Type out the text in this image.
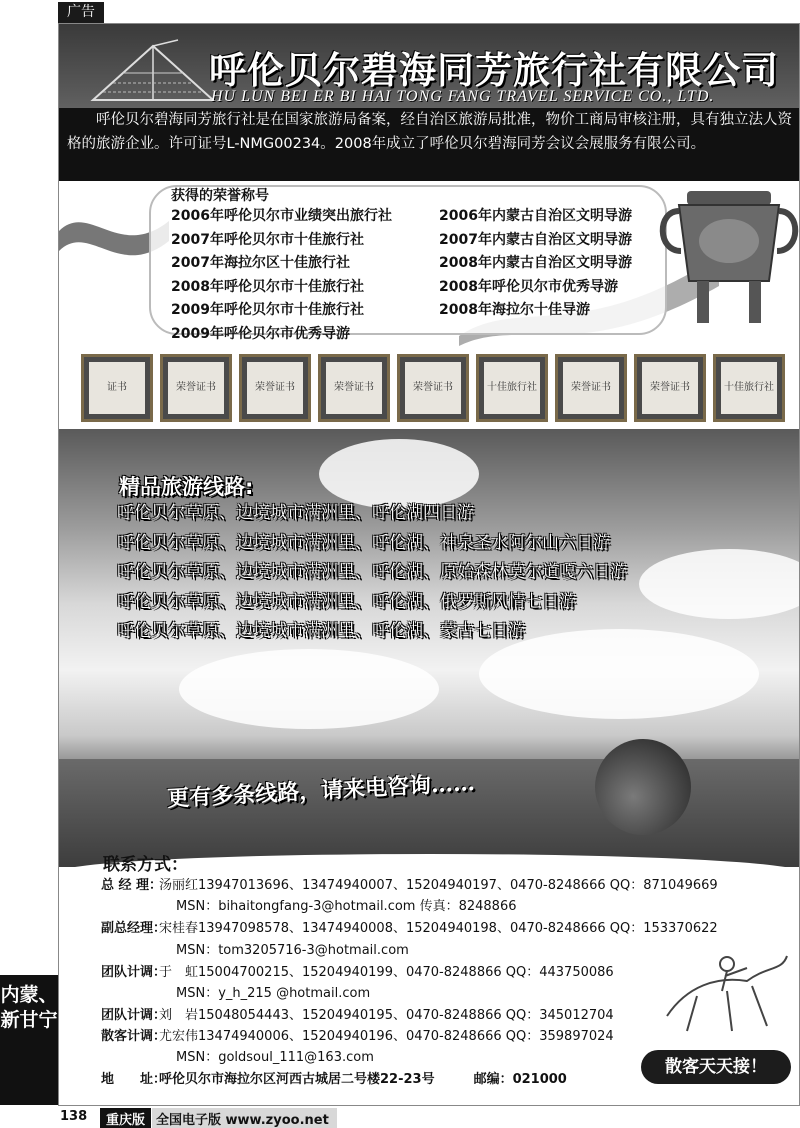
广告
呼伦贝尔碧海同芳旅行社有限公司
HU LUN BEI ER BI HAI TONG FANG TRAVEL SERVICE CO., LTD.

呼伦贝尔碧海同芳旅行社是在国家旅游局备案，经自治区旅游局批准，物价工商局审核注册，具有独立法人资格的旅游企业。许可证号L-NMG00234。2008年成立了呼伦贝尔碧海同芳会议会展服务有限公司。

获得的荣誉称号
2006年呼伦贝尔市业绩突出旅行社
2007年呼伦贝尔市十佳旅行社
2007年海拉尔区十佳旅行社
2008年呼伦贝尔市十佳旅行社
2009年呼伦贝尔市十佳旅行社
2009年呼伦贝尔市优秀导游
2006年内蒙古自治区文明导游
2007年内蒙古自治区文明导游
2008年内蒙古自治区文明导游
2008年呼伦贝尔市优秀导游
2008年海拉尔十佳导游
证书	荣誉证书	荣誉证书	荣誉证书	荣誉证书	十佳旅行社	荣誉证书	荣誉证书	十佳旅行社
精品旅游线路:
呼伦贝尔草原、边境城市满洲里、呼伦湖四日游
呼伦贝尔草原、边境城市满洲里、呼伦湖、神泉圣水阿尔山六日游
呼伦贝尔草原、边境城市满洲里、呼伦湖、原始森林莫尔道嘎六日游
呼伦贝尔草原、边境城市满洲里、呼伦湖、俄罗斯风情七日游
呼伦贝尔草原、边境城市满洲里、呼伦湖、蒙古七日游
更有多条线路，请来电咨询……
联系方式：
总 经 理：汤丽红13947013696、13474940007、15204940197、0470-8248666 QQ：871049669
MSN：bihaitongfang-3@hotmail.com 传真：8248866
副总经理：宋桂春13947098578、13474940008、15204940198、0470-8248666 QQ：153370622
MSN：tom3205716-3@hotmail.com
团队计调：于　虹15004700215、15204940199、0470-8248866 QQ：443750086
MSN：y_h_215 @hotmail.com
团队计调：刘　岩15048054443、15204940195、0470-8248866 QQ：345012704
散客计调：尤宏伟13474940006、15204940196、0470-8248666 QQ：359897024
MSN：goldsoul_111@163.com
地　　址：呼伦贝尔市海拉尔区河西古城居二号楼22-23号　　　邮编：021000
散客天天接！
内蒙、新甘宁
138	重庆版 全国电子版 www.zyoo.net
